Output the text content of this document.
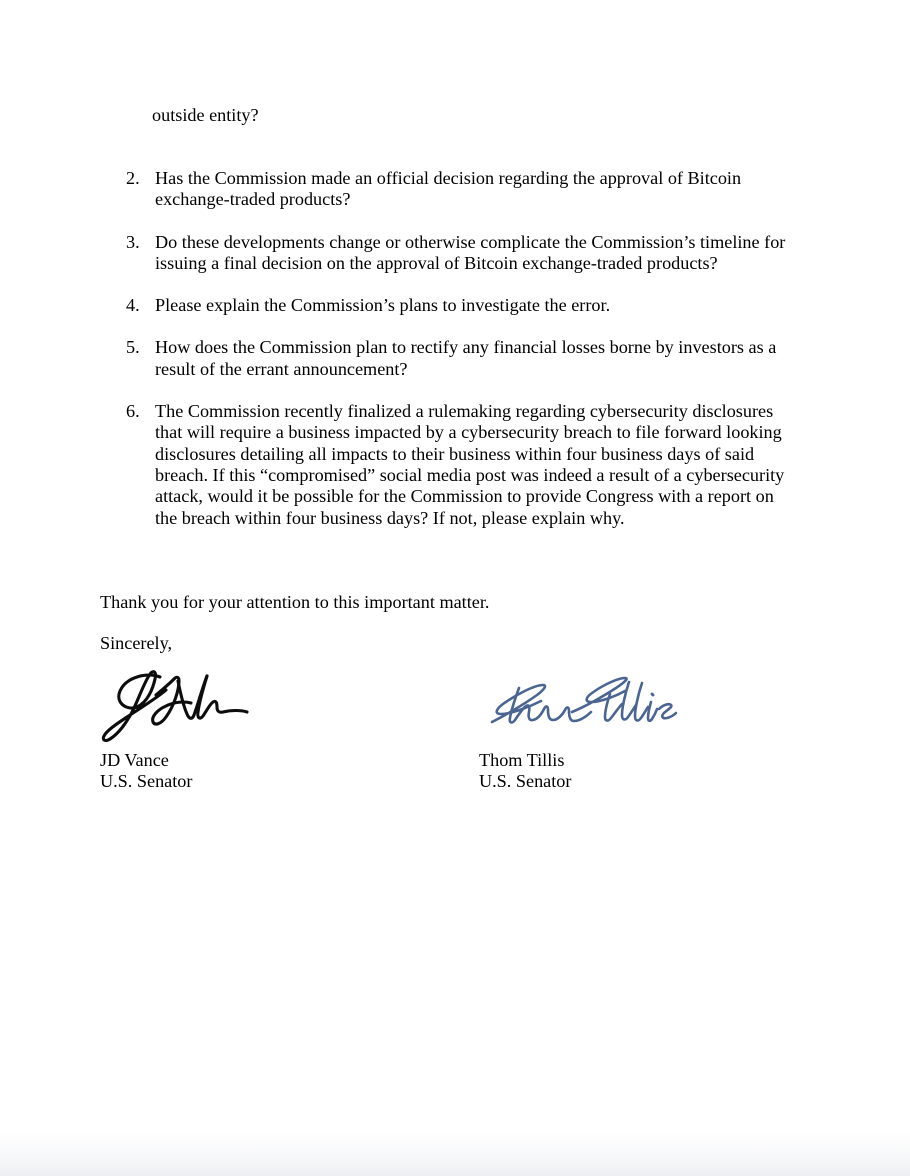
outside entity?
2. Has the Commission made an official decision regarding the approval of Bitcoin exchange-traded products?
3. Do these developments change or otherwise complicate the Commission’s timeline for issuing a final decision on the approval of Bitcoin exchange-traded products?
4. Please explain the Commission’s plans to investigate the error.
5. How does the Commission plan to rectify any financial losses borne by investors as a result of the errant announcement?
6. The Commission recently finalized a rulemaking regarding cybersecurity disclosures that will require a business impacted by a cybersecurity breach to file forward looking disclosures detailing all impacts to their business within four business days of said breach. If this “compromised” social media post was indeed a result of a cybersecurity attack, would it be possible for the Commission to provide Congress with a report on the breach within four business days? If not, please explain why.

Thank you for your attention to this important matter.

Sincerely,

JD Vance
U.S. Senator
Thom Tillis
U.S. Senator
